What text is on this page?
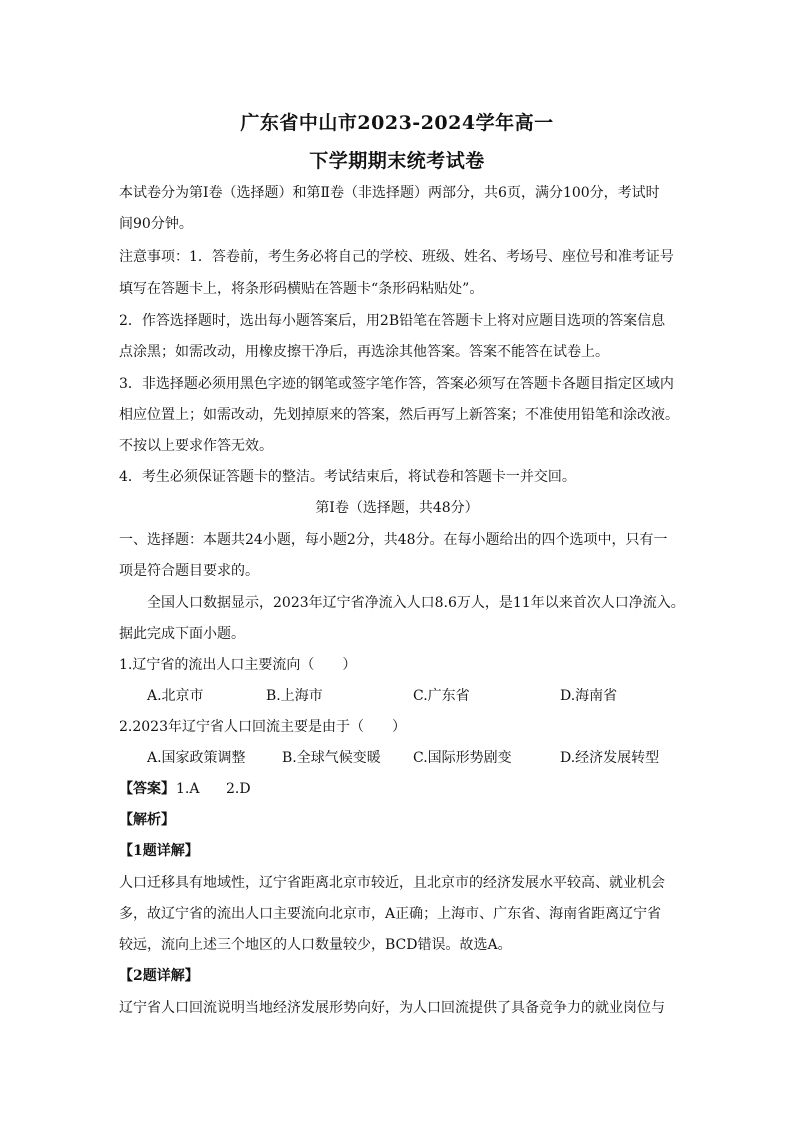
广东省中山市2023-2024学年高一
下学期期末统考试卷
本试卷分为第Ⅰ卷（选择题）和第Ⅱ卷（非选择题）两部分，共6页，满分100分，考试时
间90分钟。
注意事项：1．答卷前，考生务必将自己的学校、班级、姓名、考场号、座位号和准考证号
填写在答题卡上，将条形码横贴在答题卡“条形码粘贴处”。
2．作答选择题时，选出每小题答案后，用2B铅笔在答题卡上将对应题目选项的答案信息
点涂黑；如需改动，用橡皮擦干净后，再选涂其他答案。答案不能答在试卷上。
3．非选择题必须用黑色字迹的钢笔或签字笔作答，答案必须写在答题卡各题目指定区域内
相应位置上；如需改动，先划掉原来的答案，然后再写上新答案；不准使用铅笔和涂改液。
不按以上要求作答无效。
4．考生必须保证答题卡的整洁。考试结束后，将试卷和答题卡一并交回。
第Ⅰ卷（选择题，共48分）
一、选择题：本题共24小题，每小题2分，共48分。在每小题给出的四个选项中，只有一
项是符合题目要求的。
全国人口数据显示，2023年辽宁省净流入人口8.6万人，是11年以来首次人口净流入。
据此完成下面小题。
1.辽宁省的流出人口主要流向（　　）
A.北京市	B.上海市	C.广东省	D.海南省
2.2023年辽宁省人口回流主要是由于（　　）
A.国家政策调整	B.全球气候变暖 C.国际形势剧变	D.经济发展转型
【答案】 1.A 2.D
【解析】
【1题详解】
人口迁移具有地域性，辽宁省距离北京市较近，且北京市的经济发展水平较高、就业机会
多，故辽宁省的流出人口主要流向北京市，A正确；上海市、广东省、海南省距离辽宁省
较远，流向上述三个地区的人口数量较少，BCD错误。故选A。
【2题详解】
辽宁省人口回流说明当地经济发展形势向好，为人口回流提供了具备竞争力的就业岗位与
